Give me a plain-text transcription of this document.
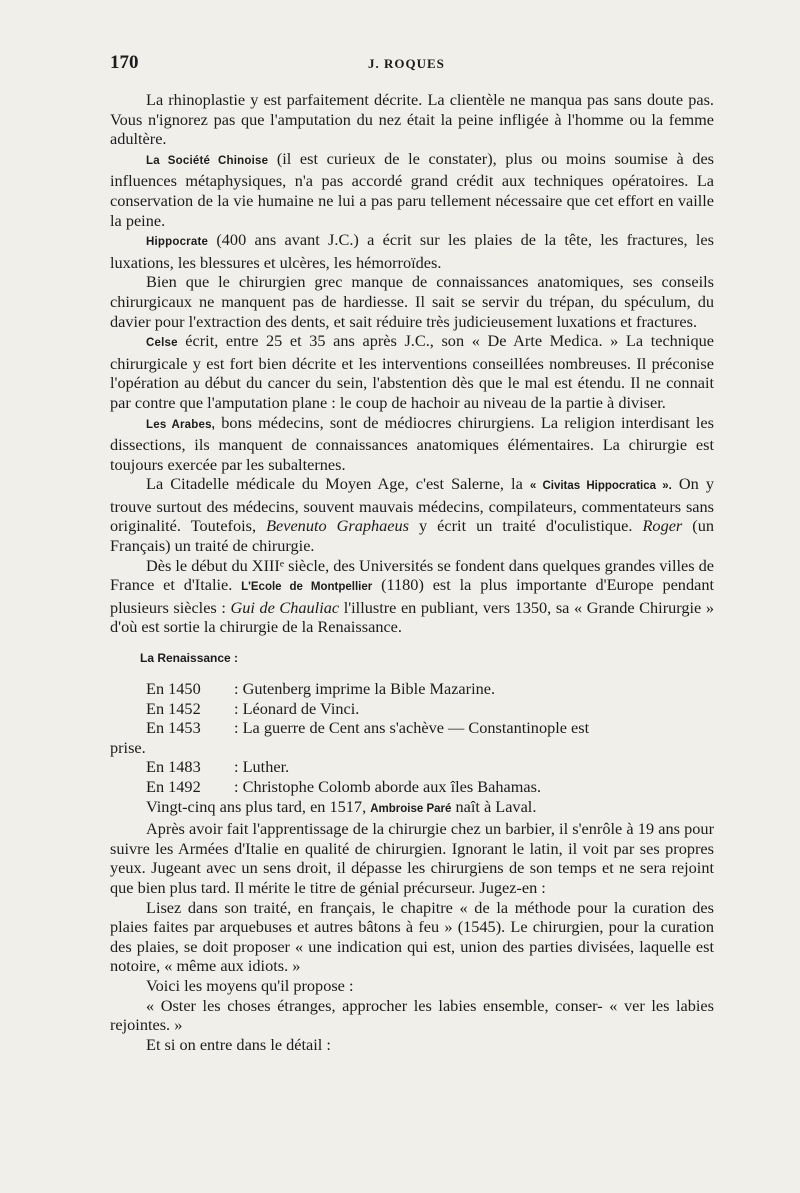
170	J. ROQUES

La rhinoplastie y est parfaitement décrite. La clientèle ne manqua pas sans doute pas. Vous n'ignorez pas que l'amputation du nez était la peine infligée à l'homme ou la femme adultère.

La Société Chinoise (il est curieux de le constater), plus ou moins soumise à des influences métaphysiques, n'a pas accordé grand crédit aux techniques opératoires. La conservation de la vie humaine ne lui a pas paru tellement nécessaire que cet effort en vaille la peine.

Hippocrate (400 ans avant J.C.) a écrit sur les plaies de la tête, les fractures, les luxations, les blessures et ulcères, les hémorroïdes.

Bien que le chirurgien grec manque de connaissances anatomiques, ses conseils chirurgicaux ne manquent pas de hardiesse. Il sait se servir du trépan, du spéculum, du davier pour l'extraction des dents, et sait réduire très judicieusement luxations et fractures.

Celse écrit, entre 25 et 35 ans après J.C., son « De Arte Medica. » La technique chirurgicale y est fort bien décrite et les interventions conseillées nombreuses. Il préconise l'opération au début du cancer du sein, l'abstention dès que le mal est étendu. Il ne connait par contre que l'amputation plane : le coup de hachoir au niveau de la partie à diviser.

Les Arabes, bons médecins, sont de médiocres chirurgiens. La religion interdisant les dissections, ils manquent de connaissances anatomiques élémentaires. La chirurgie est toujours exercée par les subalternes.

La Citadelle médicale du Moyen Age, c'est Salerne, la « Civitas Hippocratica ». On y trouve surtout des médecins, souvent mauvais médecins, compilateurs, commentateurs sans originalité. Toutefois, Bevenuto Graphaeus y écrit un traité d'oculistique. Roger (un Français) un traité de chirurgie.

Dès le début du XIIIᵉ siècle, des Universités se fondent dans quelques grandes villes de France et d'Italie. L'Ecole de Montpellier (1180) est la plus importante d'Europe pendant plusieurs siècles : Gui de Chauliac l'illustre en publiant, vers 1350, sa « Grande Chirurgie » d'où est sortie la chirurgie de la Renaissance.

La Renaissance :
En 1450	: Gutenberg imprime la Bible Mazarine.
En 1452	: Léonard de Vinci.
En 1453	: La guerre de Cent ans s'achève — Constantinople est
prise.
En 1483	: Luther.
En 1492	: Christophe Colomb aborde aux îles Bahamas.

Vingt-cinq ans plus tard, en 1517, Ambroise Paré naît à Laval.

Après avoir fait l'apprentissage de la chirurgie chez un barbier, il s'enrôle à 19 ans pour suivre les Armées d'Italie en qualité de chirurgien. Ignorant le latin, il voit par ses propres yeux. Jugeant avec un sens droit, il dépasse les chirurgiens de son temps et ne sera rejoint que bien plus tard. Il mérite le titre de génial précurseur. Jugez-en :

Lisez dans son traité, en français, le chapitre « de la méthode pour la curation des plaies faites par arquebuses et autres bâtons à feu » (1545). Le chirurgien, pour la curation des plaies, se doit proposer « une indication qui est, union des parties divisées, laquelle est notoire, « même aux idiots. »

Voici les moyens qu'il propose :

« Oster les choses étranges, approcher les labies ensemble, conser- « ver les labies rejointes. »

Et si on entre dans le détail :
